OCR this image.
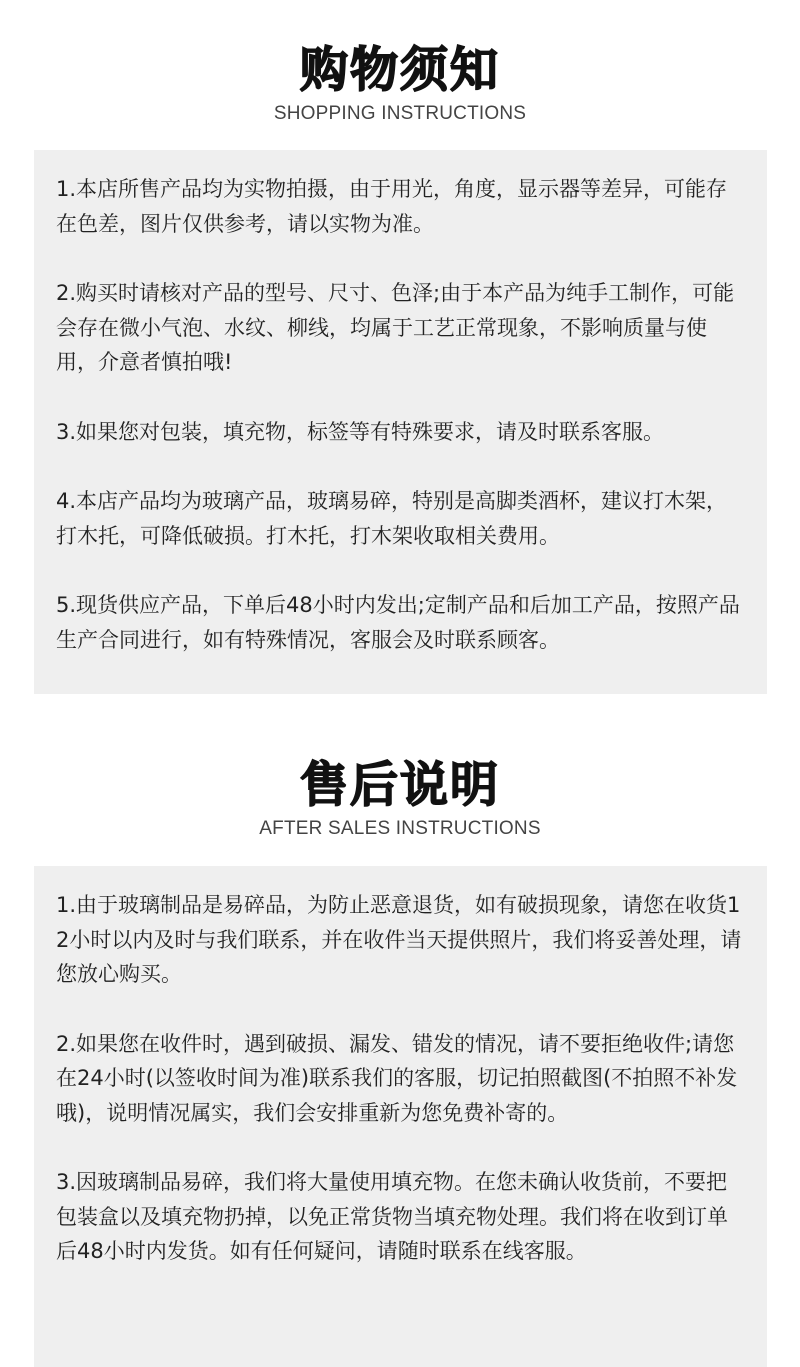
购物须知
SHOPPING INSTRUCTIONS

1.本店所售产品均为实物拍摄，由于用光，角度，显示器等差异，可能存在色差，图片仅供参考，请以实物为准。

2.购买时请核对产品的型号、尺寸、色泽;由于本产品为纯手工制作，可能会存在微小气泡、水纹、柳线，均属于工艺正常现象，不影响质量与使用，介意者慎拍哦!

3.如果您对包装，填充物，标签等有特殊要求，请及时联系客服。

4.本店产品均为玻璃产品，玻璃易碎，特别是高脚类酒杯，建议打木架，打木托，可降低破损。打木托，打木架收取相关费用。

5.现货供应产品，下单后48小时内发出;定制产品和后加工产品，按照产品生产合同进行，如有特殊情况，客服会及时联系顾客。

售后说明
AFTER SALES INSTRUCTIONS

1.由于玻璃制品是易碎品，为防止恶意退货，如有破损现象，请您在收货12小时以内及时与我们联系，并在收件当天提供照片，我们将妥善处理，请您放心购买。

2.如果您在收件时，遇到破损、漏发、错发的情况，请不要拒绝收件;请您在24小时(以签收时间为准)联系我们的客服，切记拍照截图(不拍照不补发哦)，说明情况属实，我们会安排重新为您免费补寄的。

3.因玻璃制品易碎，我们将大量使用填充物。在您未确认收货前，不要把包装盒以及填充物扔掉，以免正常货物当填充物处理。我们将在收到订单后48小时内发货。如有任何疑问，请随时联系在线客服。
